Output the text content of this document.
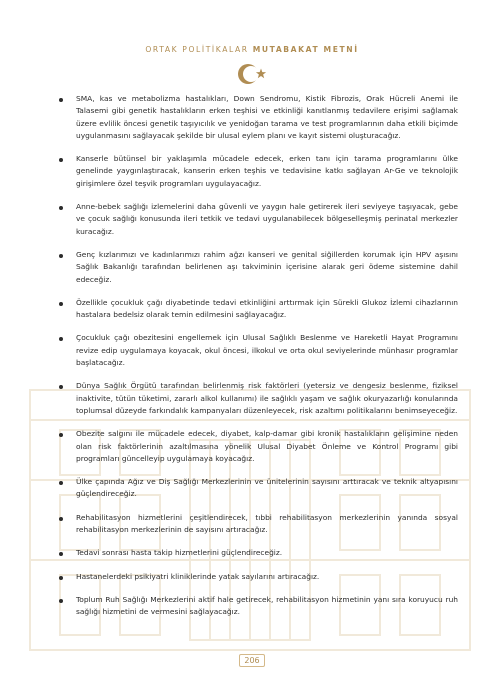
ORTAK POLİTİKALAR MUTABAKAT METNİ
SMA, kas ve metabolizma hastalıkları, Down Sendromu, Kistik Fibrozis, Orak Hücreli Anemi ile Talasemi gibi genetik hastalıkların erken teşhisi ve etkinliği kanıtlanmış tedavilere erişimi sağlamak üzere evlilik öncesi genetik taşıyıcılık ve yenidoğan tarama ve test programlarının daha etkili biçimde uygulanmasını sağlayacak şekilde bir ulusal eylem planı ve kayıt sistemi oluşturacağız.
Kanserle bütünsel bir yaklaşımla mücadele edecek, erken tanı için tarama programlarını ülke genelinde yaygınlaştıracak, kanserin erken teşhis ve tedavisine katkı sağlayan Ar-Ge ve teknolojik girişimlere özel teşvik programları uygulayacağız.
Anne-bebek sağlığı izlemelerini daha güvenli ve yaygın hale getirerek ileri seviyeye taşıyacak, gebe ve çocuk sağlığı konusunda ileri tetkik ve tedavi uygulanabilecek bölgeselleşmiş perinatal merkezler kuracağız.
Genç kızlarımızı ve kadınlarımızı rahim ağzı kanseri ve genital siğillerden korumak için HPV aşısını Sağlık Bakanlığı tarafından belirlenen aşı takviminin içerisine alarak geri ödeme sistemine dahil edeceğiz.
Özellikle çocukluk çağı diyabetinde tedavi etkinliğini arttırmak için Sürekli Glukoz İzlemi cihazlarının hastalara bedelsiz olarak temin edilmesini sağlayacağız.
Çocukluk çağı obezitesini engellemek için Ulusal Sağlıklı Beslenme ve Hareketli Hayat Programını revize edip uygulamaya koyacak, okul öncesi, ilkokul ve orta okul seviyelerinde münhasır programlar başlatacağız.
Dünya Sağlık Örgütü tarafından belirlenmiş risk faktörleri (yetersiz ve dengesiz beslenme, fiziksel inaktivite, tütün tüketimi, zararlı alkol kullanımı) ile sağlıklı yaşam ve sağlık okuryazarlığı konularında toplumsal düzeyde farkındalık kampanyaları düzenleyecek, risk azaltımı politikalarını benimseyeceğiz.
Obezite salgını ile mücadele edecek, diyabet, kalp-damar gibi kronik hastalıkların gelişimine neden olan risk faktörlerinin azaltılmasına yönelik Ulusal Diyabet Önleme ve Kontrol Programı gibi programları güncelleyip uygulamaya koyacağız.
Ülke çapında Ağız ve Diş Sağlığı Merkezlerinin ve ünitelerinin sayısını arttıracak ve teknik altyapısını güçlendireceğiz.
Rehabilitasyon hizmetlerini çeşitlendirecek, tıbbi rehabilitasyon merkezlerinin yanında sosyal rehabilitasyon merkezlerinin de sayısını artıracağız.
Tedavi sonrası hasta takip hizmetlerini güçlendireceğiz.
Hastanelerdeki psikiyatri kliniklerinde yatak sayılarını artıracağız.
Toplum Ruh Sağlığı Merkezlerini aktif hale getirecek, rehabilitasyon hizmetinin yanı sıra koruyucu ruh sağlığı hizmetini de vermesini sağlayacağız.
206
